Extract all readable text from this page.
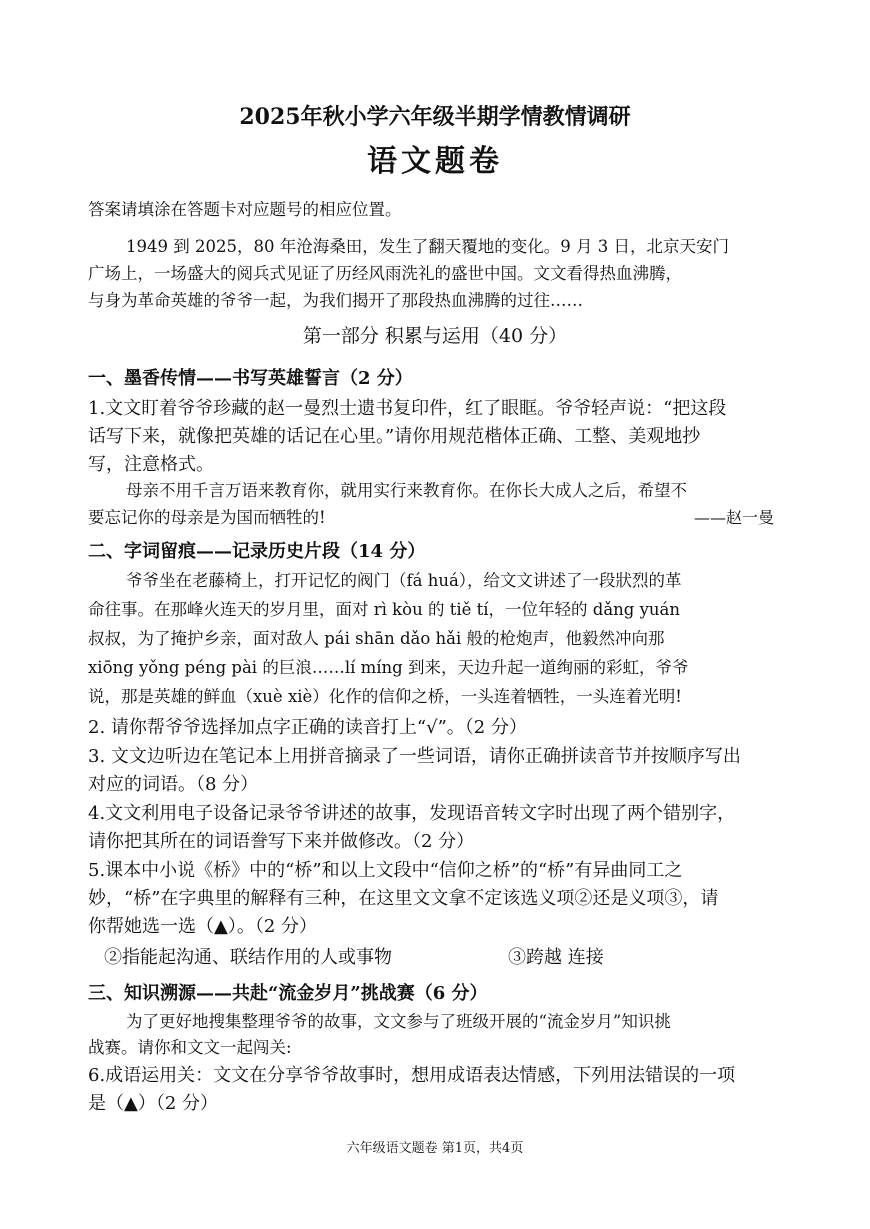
2025年秋小学六年级半期学情教情调研
语文题卷
答案请填涂在答题卡对应题号的相应位置。
1949 到 2025，80 年沧海桑田，发生了翻天覆地的变化。9 月 3 日，北京天安门
广场上，一场盛大的阅兵式见证了历经风雨洗礼的盛世中国。文文看得热血沸腾，
与身为革命英雄的爷爷一起，为我们揭开了那段热血沸腾的过往……
第一部分 积累与运用（40 分）
一、墨香传情——书写英雄誓言（2 分）
1.文文盯着爷爷珍藏的赵一曼烈士遗书复印件，红了眼眶。爷爷轻声说：“把这段
话写下来，就像把英雄的话记在心里。”请你用规范楷体正确、工整、美观地抄
写，注意格式。
母亲不用千言万语来教育你，就用实行来教育你。在你长大成人之后，希望不
要忘记你的母亲是为国而牺牲的!	——赵一曼
二、字词留痕——记录历史片段（14 分）
爷爷坐在老藤椅上，打开记忆的阀门（fá huá），给文文讲述了一段狀烈的革
命往事。在那峰火连天的岁月里，面对 rì kòu 的 tiě tí，一位年轻的 dǎng yuán
叔叔，为了掩护乡亲，面对敌人 pái shān dǎo hǎi 般的枪炮声，他毅然冲向那
xiōng yǒng péng pài 的巨浪……lí míng 到来，天边升起一道绚丽的彩虹，爷爷
说，那是英雄的鲜血（xuè xiè）化作的信仰之桥，一头连着牺牲，一头连着光明!
2. 请你帮爷爷选择加点字正确的读音打上“√”。（2 分）
3. 文文边听边在笔记本上用拼音摘录了一些词语，请你正确拼读音节并按顺序写出
对应的词语。（8 分）
4.文文利用电子设备记录爷爷讲述的故事，发现语音转文字时出现了两个错别字，
请你把其所在的词语誊写下来并做修改。（2 分）
5.课本中小说《桥》中的“桥”和以上文段中“信仰之桥”的“桥”有异曲同工之
妙，“桥”在字典里的解释有三种，在这里文文拿不定该选义项②还是义项③，请
你帮她选一选（▲）。（2 分）
②指能起沟通、联结作用的人或事物	③跨越 连接
三、知识溯源——共赴“流金岁月”挑战赛（6 分）
为了更好地搜集整理爷爷的故事，文文参与了班级开展的“流金岁月”知识挑
战赛。请你和文文一起闯关:
6.成语运用关：文文在分享爷爷故事时，想用成语表达情感，下列用法错误的一项
是（▲）（2 分）
六年级语文题卷 第1页，共4页
